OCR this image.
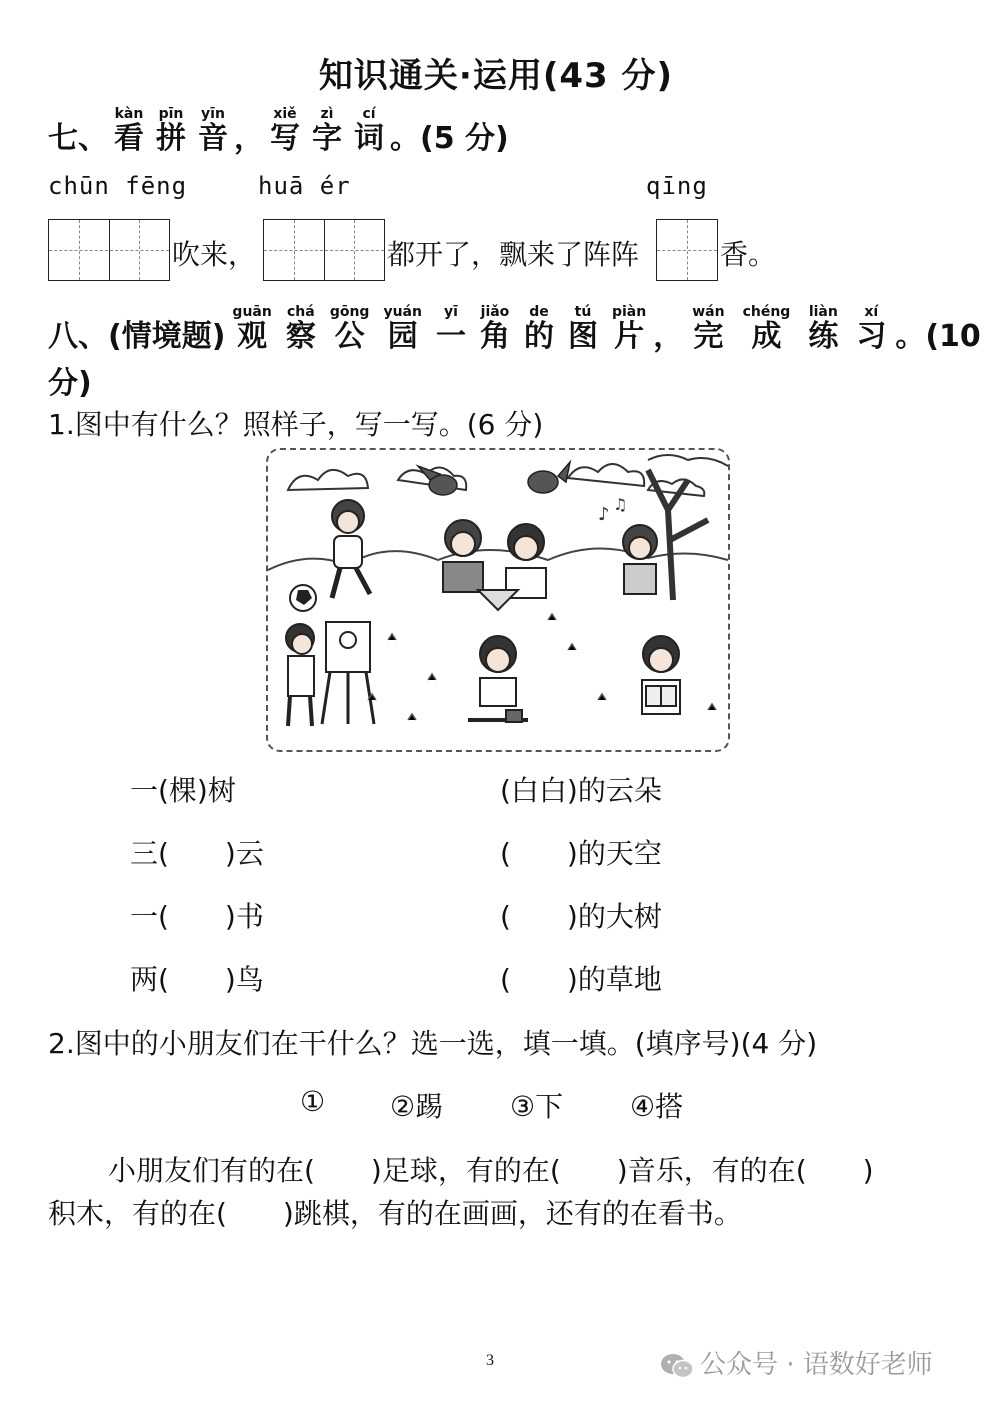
知识通关·运用(43 分)
七、
kàn
看
pīn
拼
yīn
音 ，
xiě
写
zì
字
cí
词 。(5 分)
chūn fēng	huā ér	qīng
吹来，	都开了，飘来了阵阵	香。
八、(情境题)
guān
观
chá
察
gōng
公
yuán
园
yī
一
jiǎo
角
de
的
tú
图
piàn
片 ，
wán
完
chéng
成
liàn
练
xí
习 。(10
分)
1.图中有什么？照样子，写一写。(6 分)
♪ ♫
一(棵)树	(白白)的云朵
三(　　)云	(　　)的天空
一(　　)书	(　　)的大树
两(　　)鸟	(　　)的草地
2.图中的小朋友们在干什么？选一选，填一填。(填序号)(4 分)
① ②踢 ③下 ④搭
小朋友们有的在(　　)足球，有的在(　　)音乐，有的在(　　)
积木，有的在(　　)跳棋，有的在画画，还有的在看书。
3	公众号 · 语数好老师
